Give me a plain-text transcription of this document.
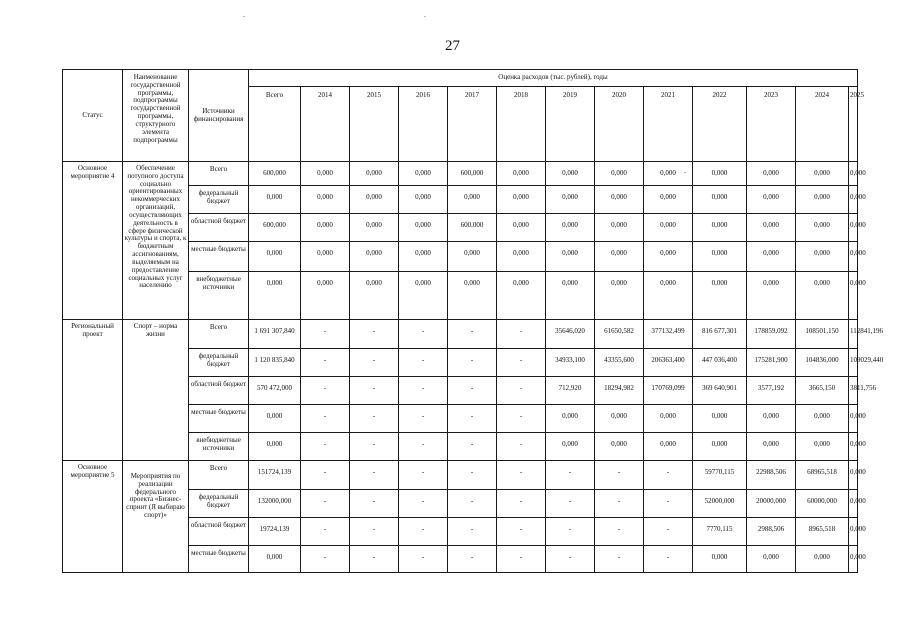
27
Статус	Наименование государственной программы, подпрограммы государственной программы, структурного элемента подпрограммы	Источники финансирования	Оценка расходов (тыс. рублей), годы												
			Всего	2014	2015	2016	2017	2018	2019	2020	2021	2022	2023	2024	2025
Основное мероприятие 4	Обеспечение потупного доступа социально ориентированных некоммерческих организаций, осуществляющих деятельность в сфере физической культуры и спорта, к бюджетным ассигнованиям, выделяемым на предоставление социальных услуг населению	Всего	600,000	0,000	0,000	0,000	600,000	0,000	0,000	0,000	0,000	0,000	0,000	0,000	0,000
		федеральный бюджет	0,000	0,000	0,000	0,000	0,000	0,000	0,000	0,000	0,000	0,000	0,000	0,000	0,000
		областной бюджет	600,000	0,000	0,000	0,000	600,000	0,000	0,000	0,000	0,000	0,000	0,000	0,000	0,000
		местные бюджеты	0,000	0,000	0,000	0,000	0,000	0,000	0,000	0,000	0,000	0,000	0,000	0,000	0,000
		внебюджетные источники	0,000	0,000	0,000	0,000	0,000	0,000	0,000	0,000	0,000	0,000	0,000	0,000	0,000
Региональный проект	Спорт – норма жизни	Всего	1 691 307,840	-	-	-	-	-	35646,020	61650,582	377132,499	816 677,301	178859,092	108501,150	112841,196
		федеральный бюджет	1 120 835,840	-	-	-	-	-	34933,100	43355,600	206363,400	447 036,400	175281,900	104836,000	109029,440
		областной бюджет	570 472,000	-	-	-	-	-	712,920	18294,982	170769,099	369 640,901	3577,192	3665,150	3811,756
		местные бюджеты	0,000	-	-	-	-	-	0,000	0,000	0,000	0,000	0,000	0,000	0,000
		внебюджетные источники	0,000	-	-	-	-	-	0,000	0,000	0,000	0,000	0,000	0,000	0,000
Основное мероприятие 5	Мероприятия по реализации федерального проекта «Бизнес-спринт (Я выбираю спорт)»	Всего	151724,139	-	-	-	-	-	-	-	-	59770,115	22988,506	68965,518	0,000
		федеральный бюджет	132000,000	-	-	-	-	-	-	-	-	52000,000	20000,000	60000,000	0,000
		областной бюджет	19724,139	-	-	-	-	-	-	-	-	7770,115	2988,506	8965,518	0,000
		местные бюджеты	0,000	-	-	-	-	-	-	-	-	0,000	0,000	0,000	0,000
